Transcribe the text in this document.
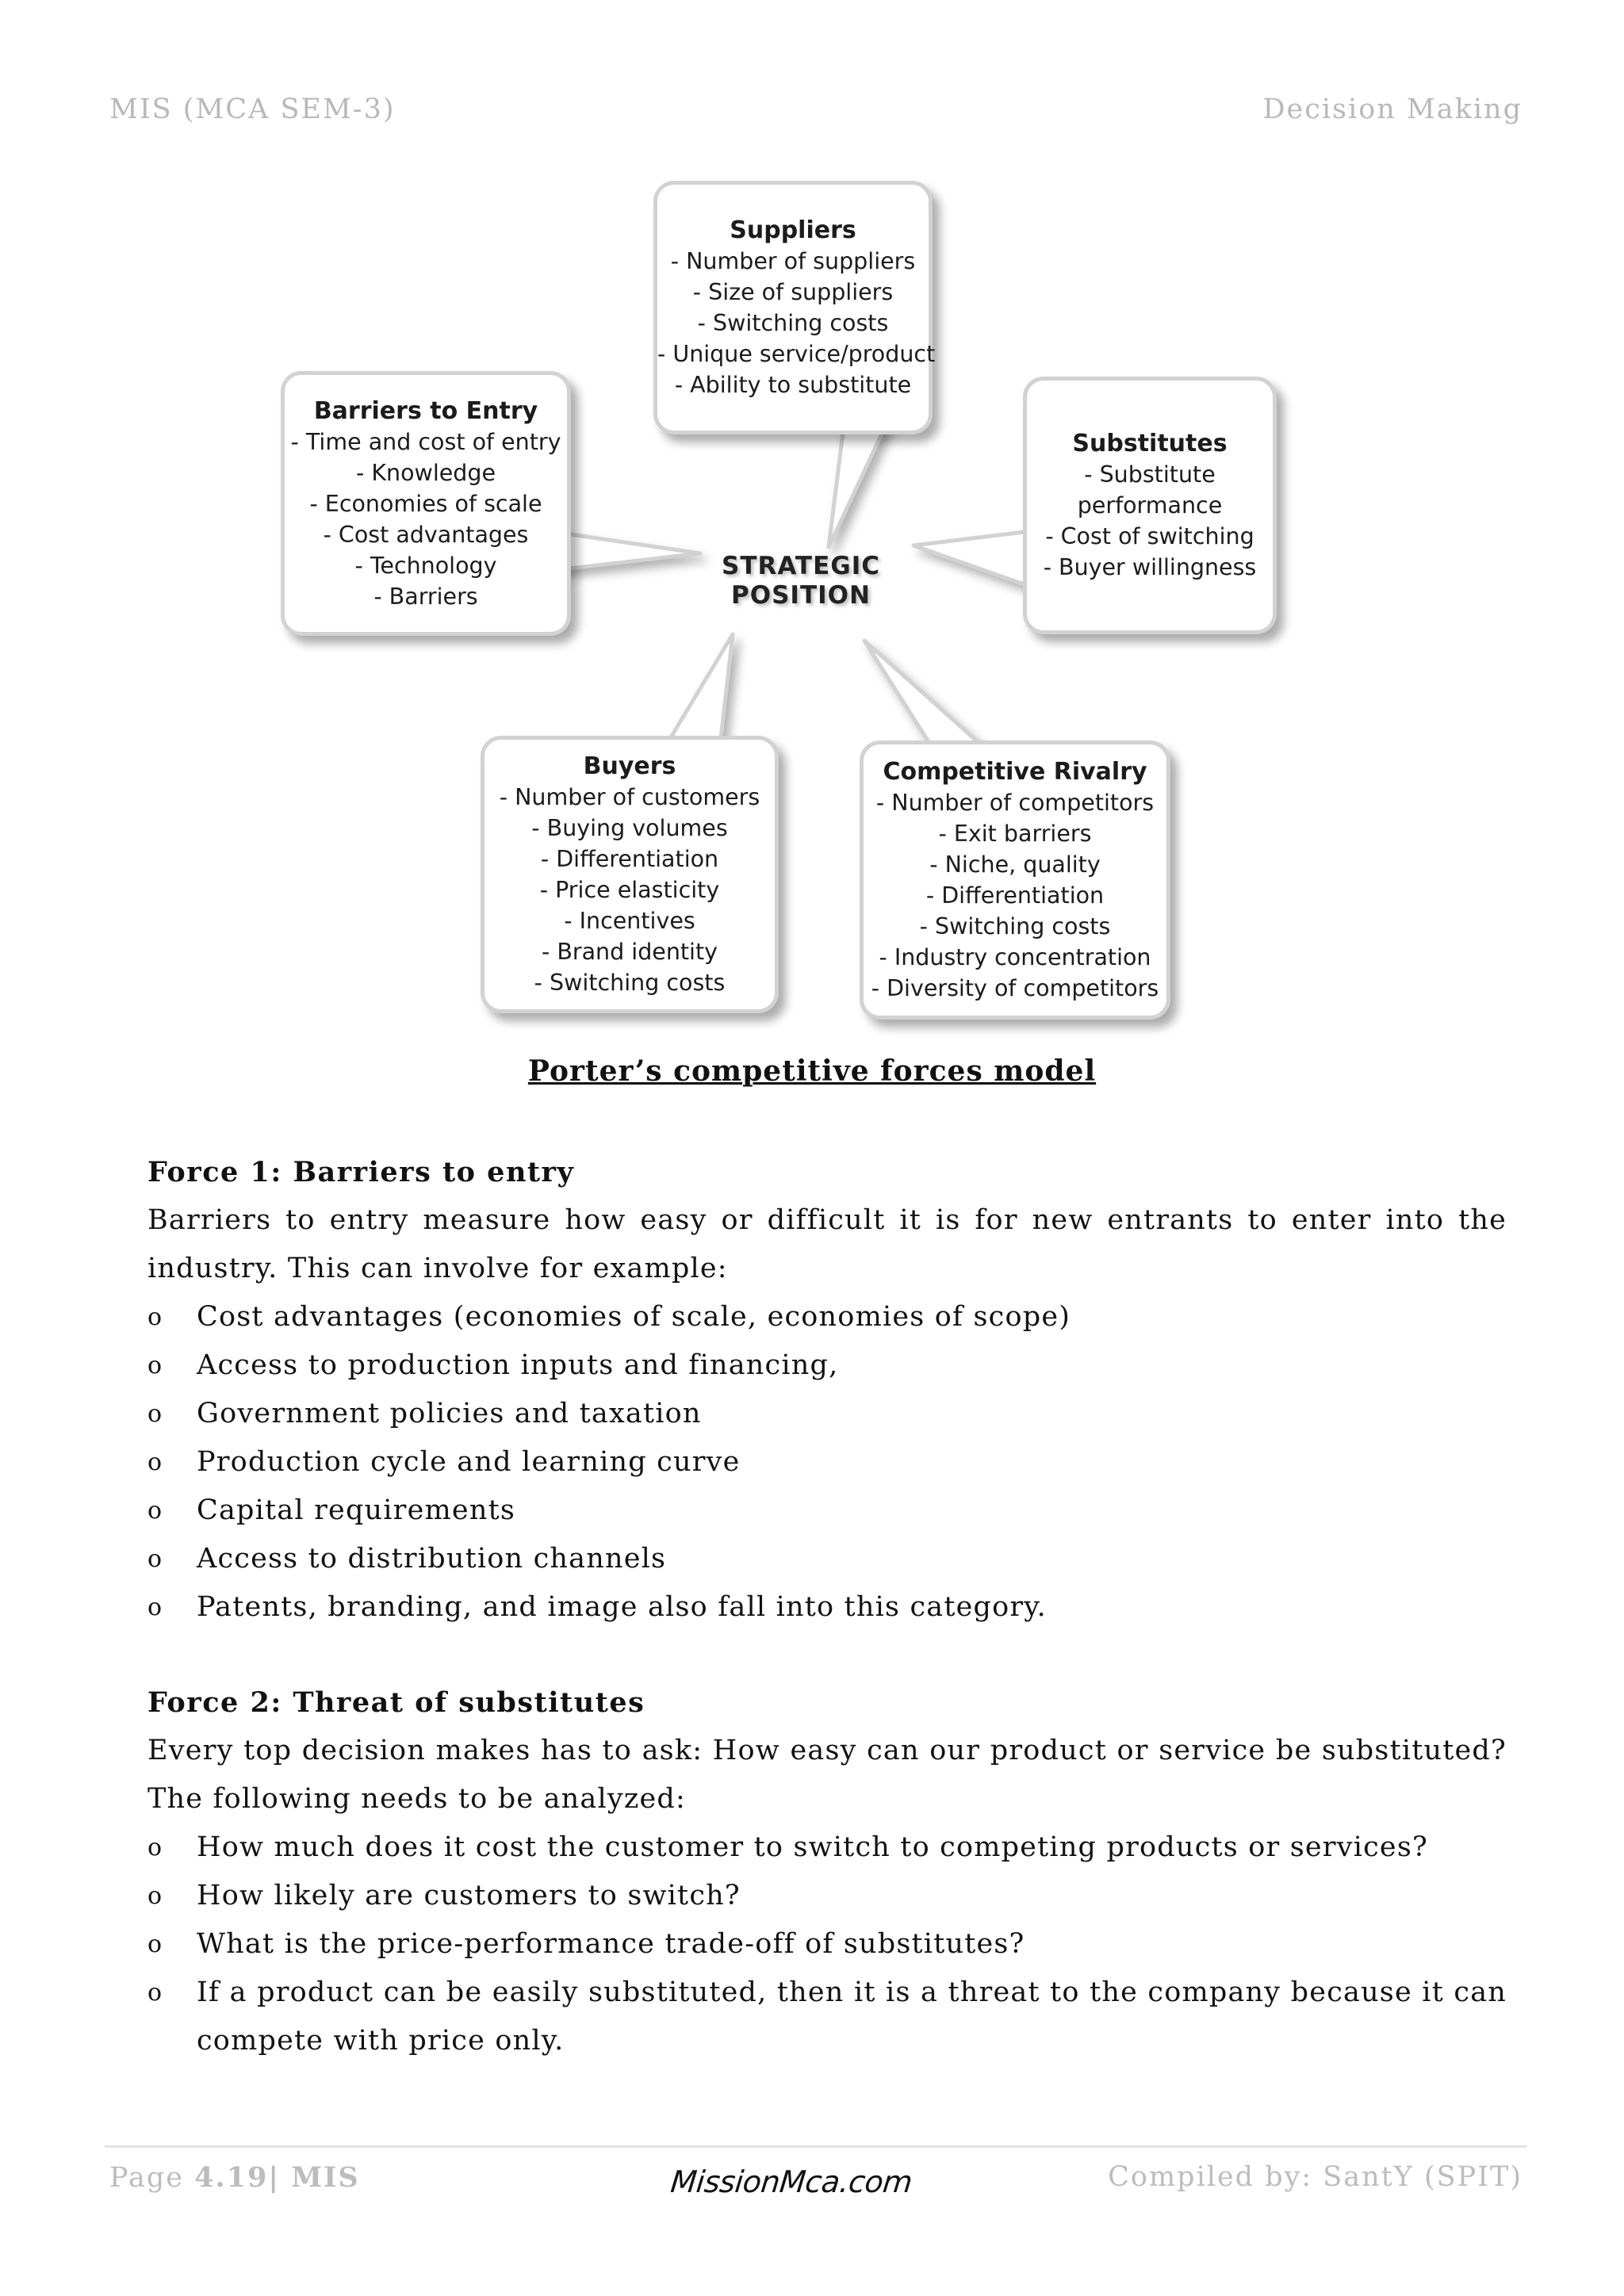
MIS (MCA SEM-3)	Decision Making
Suppliers
- Number of suppliers
- Size of suppliers
- Switching costs
- Unique service/product
- Ability to substitute
Barriers to Entry
- Time and cost of entry
- Knowledge
- Economies of scale
- Cost advantages
- Technology
- Barriers
Substitutes
- Substitute
performance
- Cost of switching
- Buyer willingness
STRATEGIC
POSITION
Buyers
- Number of customers
- Buying volumes
- Differentiation
- Price elasticity
- Incentives
- Brand identity
- Switching costs
Competitive Rivalry
- Number of competitors
- Exit barriers
- Niche, quality
- Differentiation
- Switching costs
- Industry concentration
- Diversity of competitors
Porter’s competitive forces model
Force 1: Barriers to entry

Barriers to entry measure how easy or difficult it is for new entrants to enter into the industry. This can involve for example:

o Cost advantages (economies of scale, economies of scope)
o Access to production inputs and financing,
o Government policies and taxation
o Production cycle and learning curve
o Capital requirements
o Access to distribution channels
o Patents, branding, and image also fall into this category.
Force 2: Threat of substitutes

Every top decision makes has to ask: How easy can our product or service be substituted? The following needs to be analyzed:

o How much does it cost the customer to switch to competing products or services?
o How likely are customers to switch?
o What is the price-performance trade-off of substitutes?
o If a product can be easily substituted, then it is a threat to the company because it can compete with price only.
Page 4.19| MIS	MissionMca.com	Compiled by: SantY (SPIT)
